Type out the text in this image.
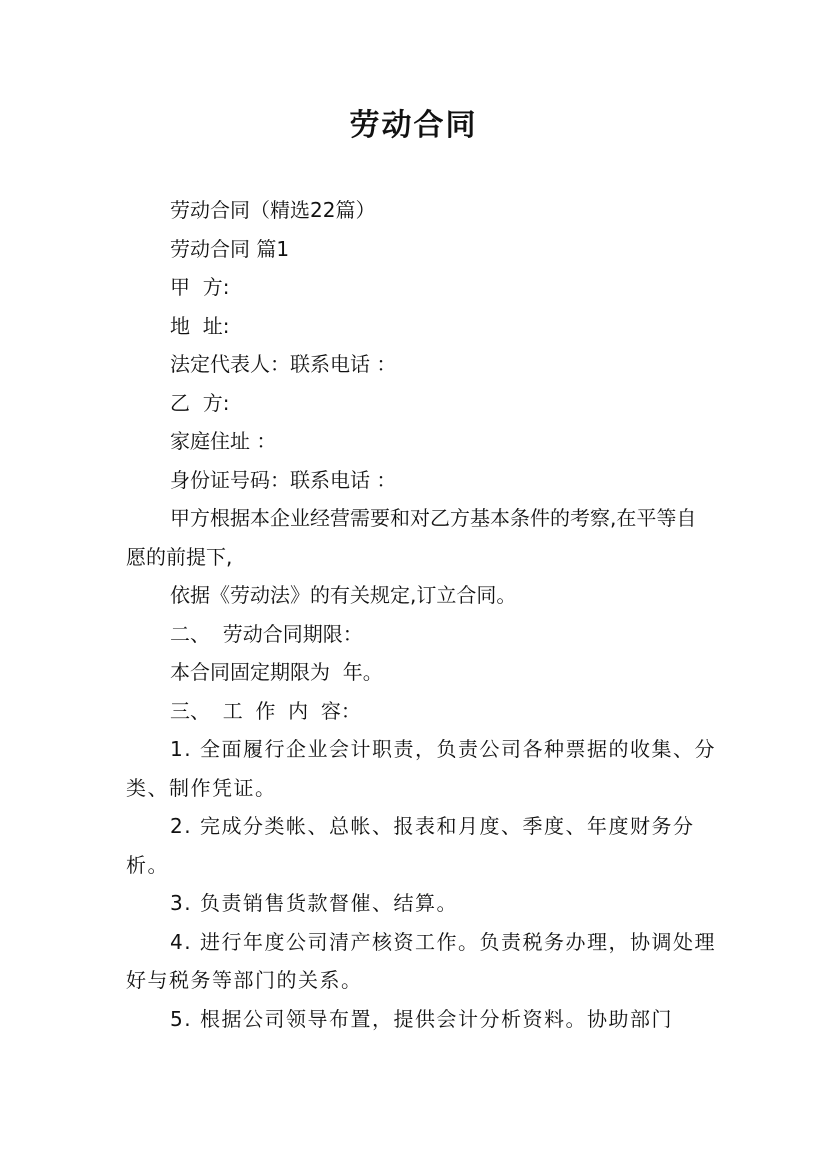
劳动合同

劳动合同（精选22篇）

劳动合同 篇1

甲  方:

地  址:

法定代表人：联系电话 ：

乙  方:

家庭住址 ：

身份证号码：联系电话 ：

甲方根据本企业经营需要和对乙方基本条件的考察,在平等自愿的前提下,

依据《劳动法》的有关规定,订立合同。

二、  劳动合同期限：

本合同固定期限为  年。

三、  工  作  内  容：

1. 全面履行企业会计职责，负责公司各种票据的收集、分类、制作凭证。

2. 完成分类帐、总帐、报表和月度、季度、年度财务分析。

3. 负责销售货款督催、结算。

4. 进行年度公司清产核资工作。负责税务办理，协调处理好与税务等部门的关系。

5. 根据公司领导布置，提供会计分析资料。协助部门
